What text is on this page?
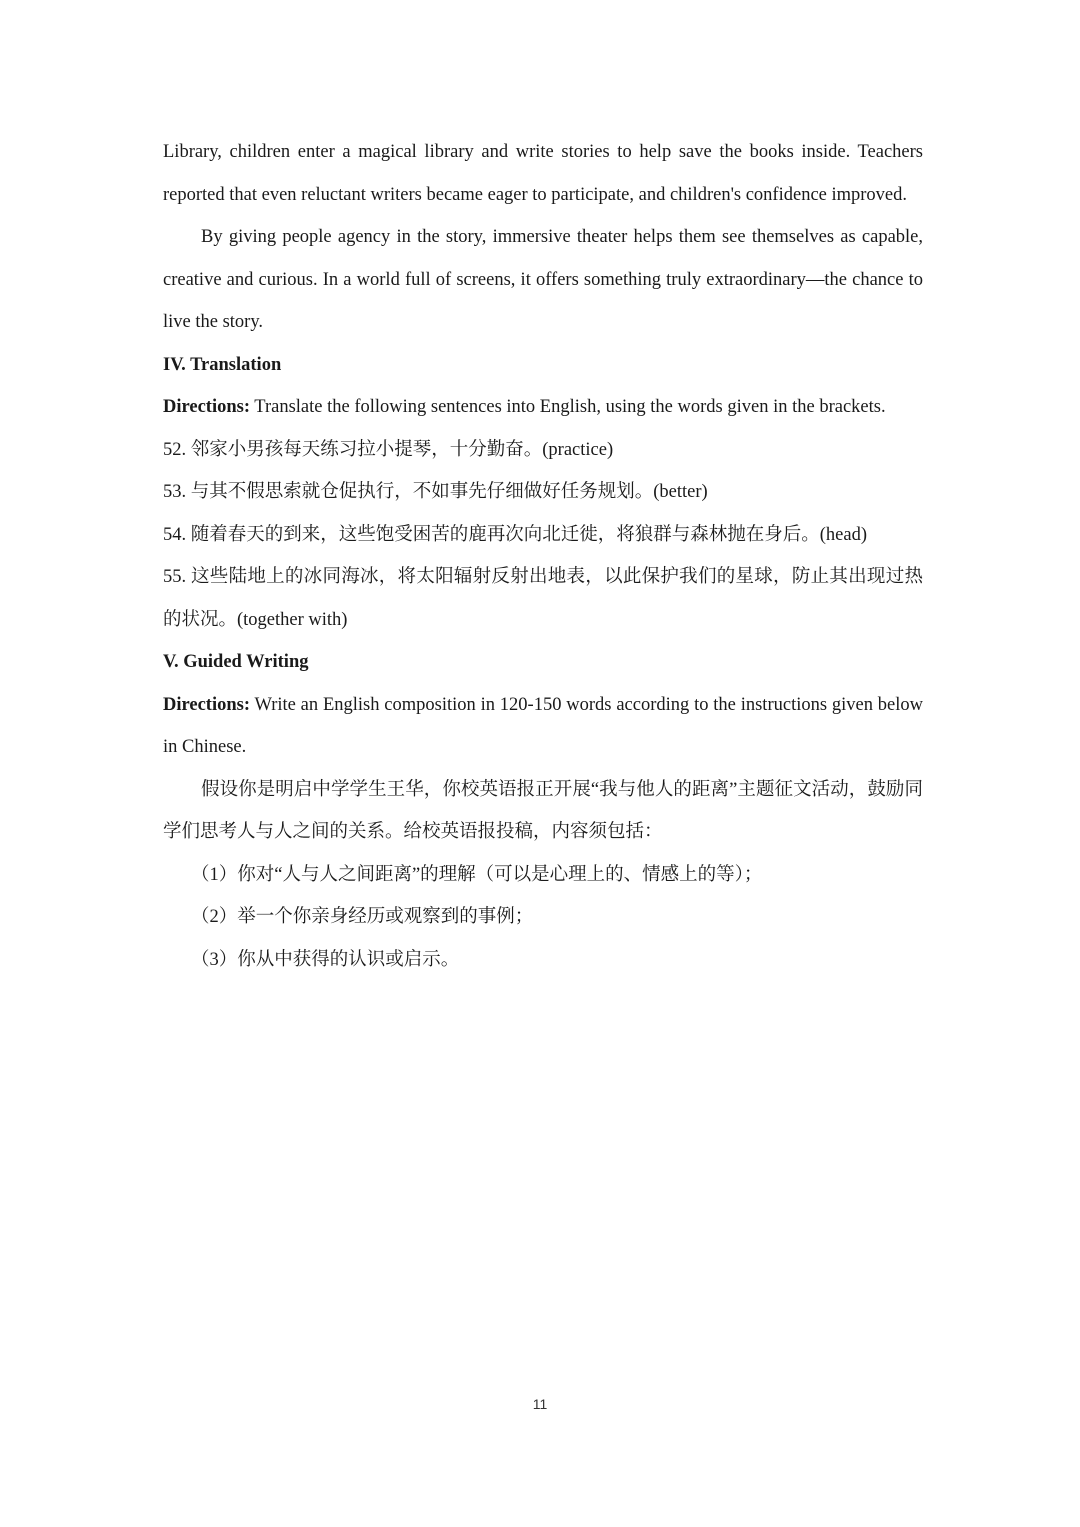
Library, children enter a magical library and write stories to help save the books inside. Teachers reported that even reluctant writers became eager to participate, and children's confidence improved.

By giving people agency in the story, immersive theater helps them see themselves as capable, creative and curious. In a world full of screens, it offers something truly extraordinary—the chance to live the story.

IV. Translation

Directions: Translate the following sentences into English, using the words given in the brackets.

52. 邻家小男孩每天练习拉小提琴，十分勤奋。(practice)

53. 与其不假思索就仓促执行，不如事先仔细做好任务规划。(better)

54. 随着春天的到来，这些饱受困苦的鹿再次向北迁徙，将狼群与森林抛在身后。(head)

55. 这些陆地上的冰同海冰，将太阳辐射反射出地表，以此保护我们的星球，防止其出现过热的状况。(together with)

V. Guided Writing

Directions: Write an English composition in 120-150 words according to the instructions given below in Chinese.

假设你是明启中学学生王华，你校英语报正开展“我与他人的距离”主题征文活动，鼓励同学们思考人与人之间的关系。给校英语报投稿，内容须包括：

（1）你对“人与人之间距离”的理解（可以是心理上的、情感上的等）；

（2）举一个你亲身经历或观察到的事例；

（3）你从中获得的认识或启示。

11
